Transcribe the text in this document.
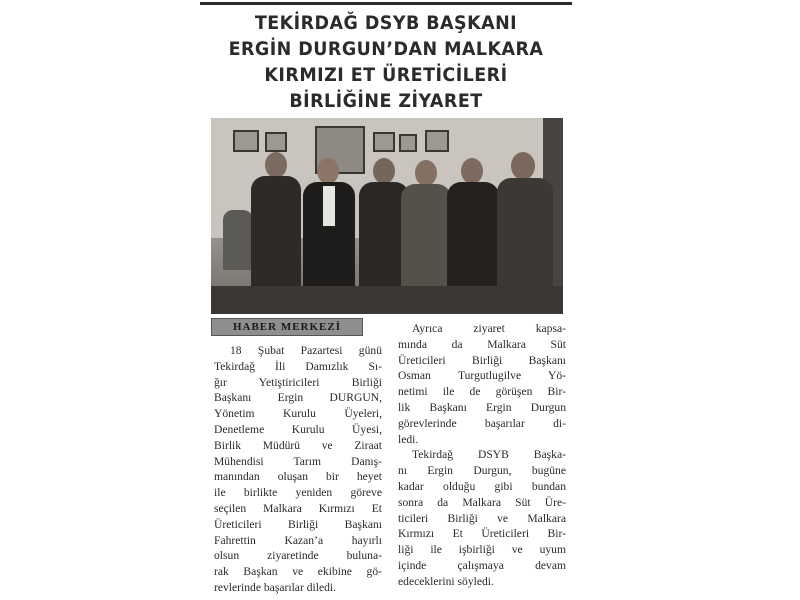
TEKİRDAĞ DSYB BAŞKANI
ERGİN DURGUN’DAN MALKARA
KIRMIZI ET ÜRETİCİLERİ
BİRLİĞİNE ZİYARET
HABER MERKEZİ

18 Şubat Pazartesi günü

Tekirdağ İli Damızlık Sı-

ğır Yetiştiricileri Birliği

Başkanı Ergin DURGUN,

Yönetim Kurulu Üyeleri,

Denetleme Kurulu Üyesi,

Birlik Müdürü ve Ziraat

Mühendisi Tarım Danış-

manından oluşan bir heyet

ile birlikte yeniden göreve

seçilen Malkara Kırmızı Et

Üreticileri Birliği Başkanı

Fahrettin Kazan’a hayırlı

olsun ziyaretinde buluna-

rak Başkan ve ekibine gö-

revlerinde başarılar diledi.

Ayrıca ziyaret kapsa-

mında da Malkara Süt

Üreticileri Birliği Başkanı

Osman Turgutlugilve Yö-

netimi ile de görüşen Bir-

lik Başkanı Ergin Durgun

görevlerinde başarılar di-

ledi.

Tekirdağ DSYB Başka-

nı Ergin Durgun, bugüne

kadar olduğu gibi bundan

sonra da Malkara Süt Üre-

ticileri Birliği ve Malkara

Kırmızı Et Üreticileri Bir-

liği ile işbirliği ve uyum

içinde çalışmaya devam

edeceklerini söyledi.
